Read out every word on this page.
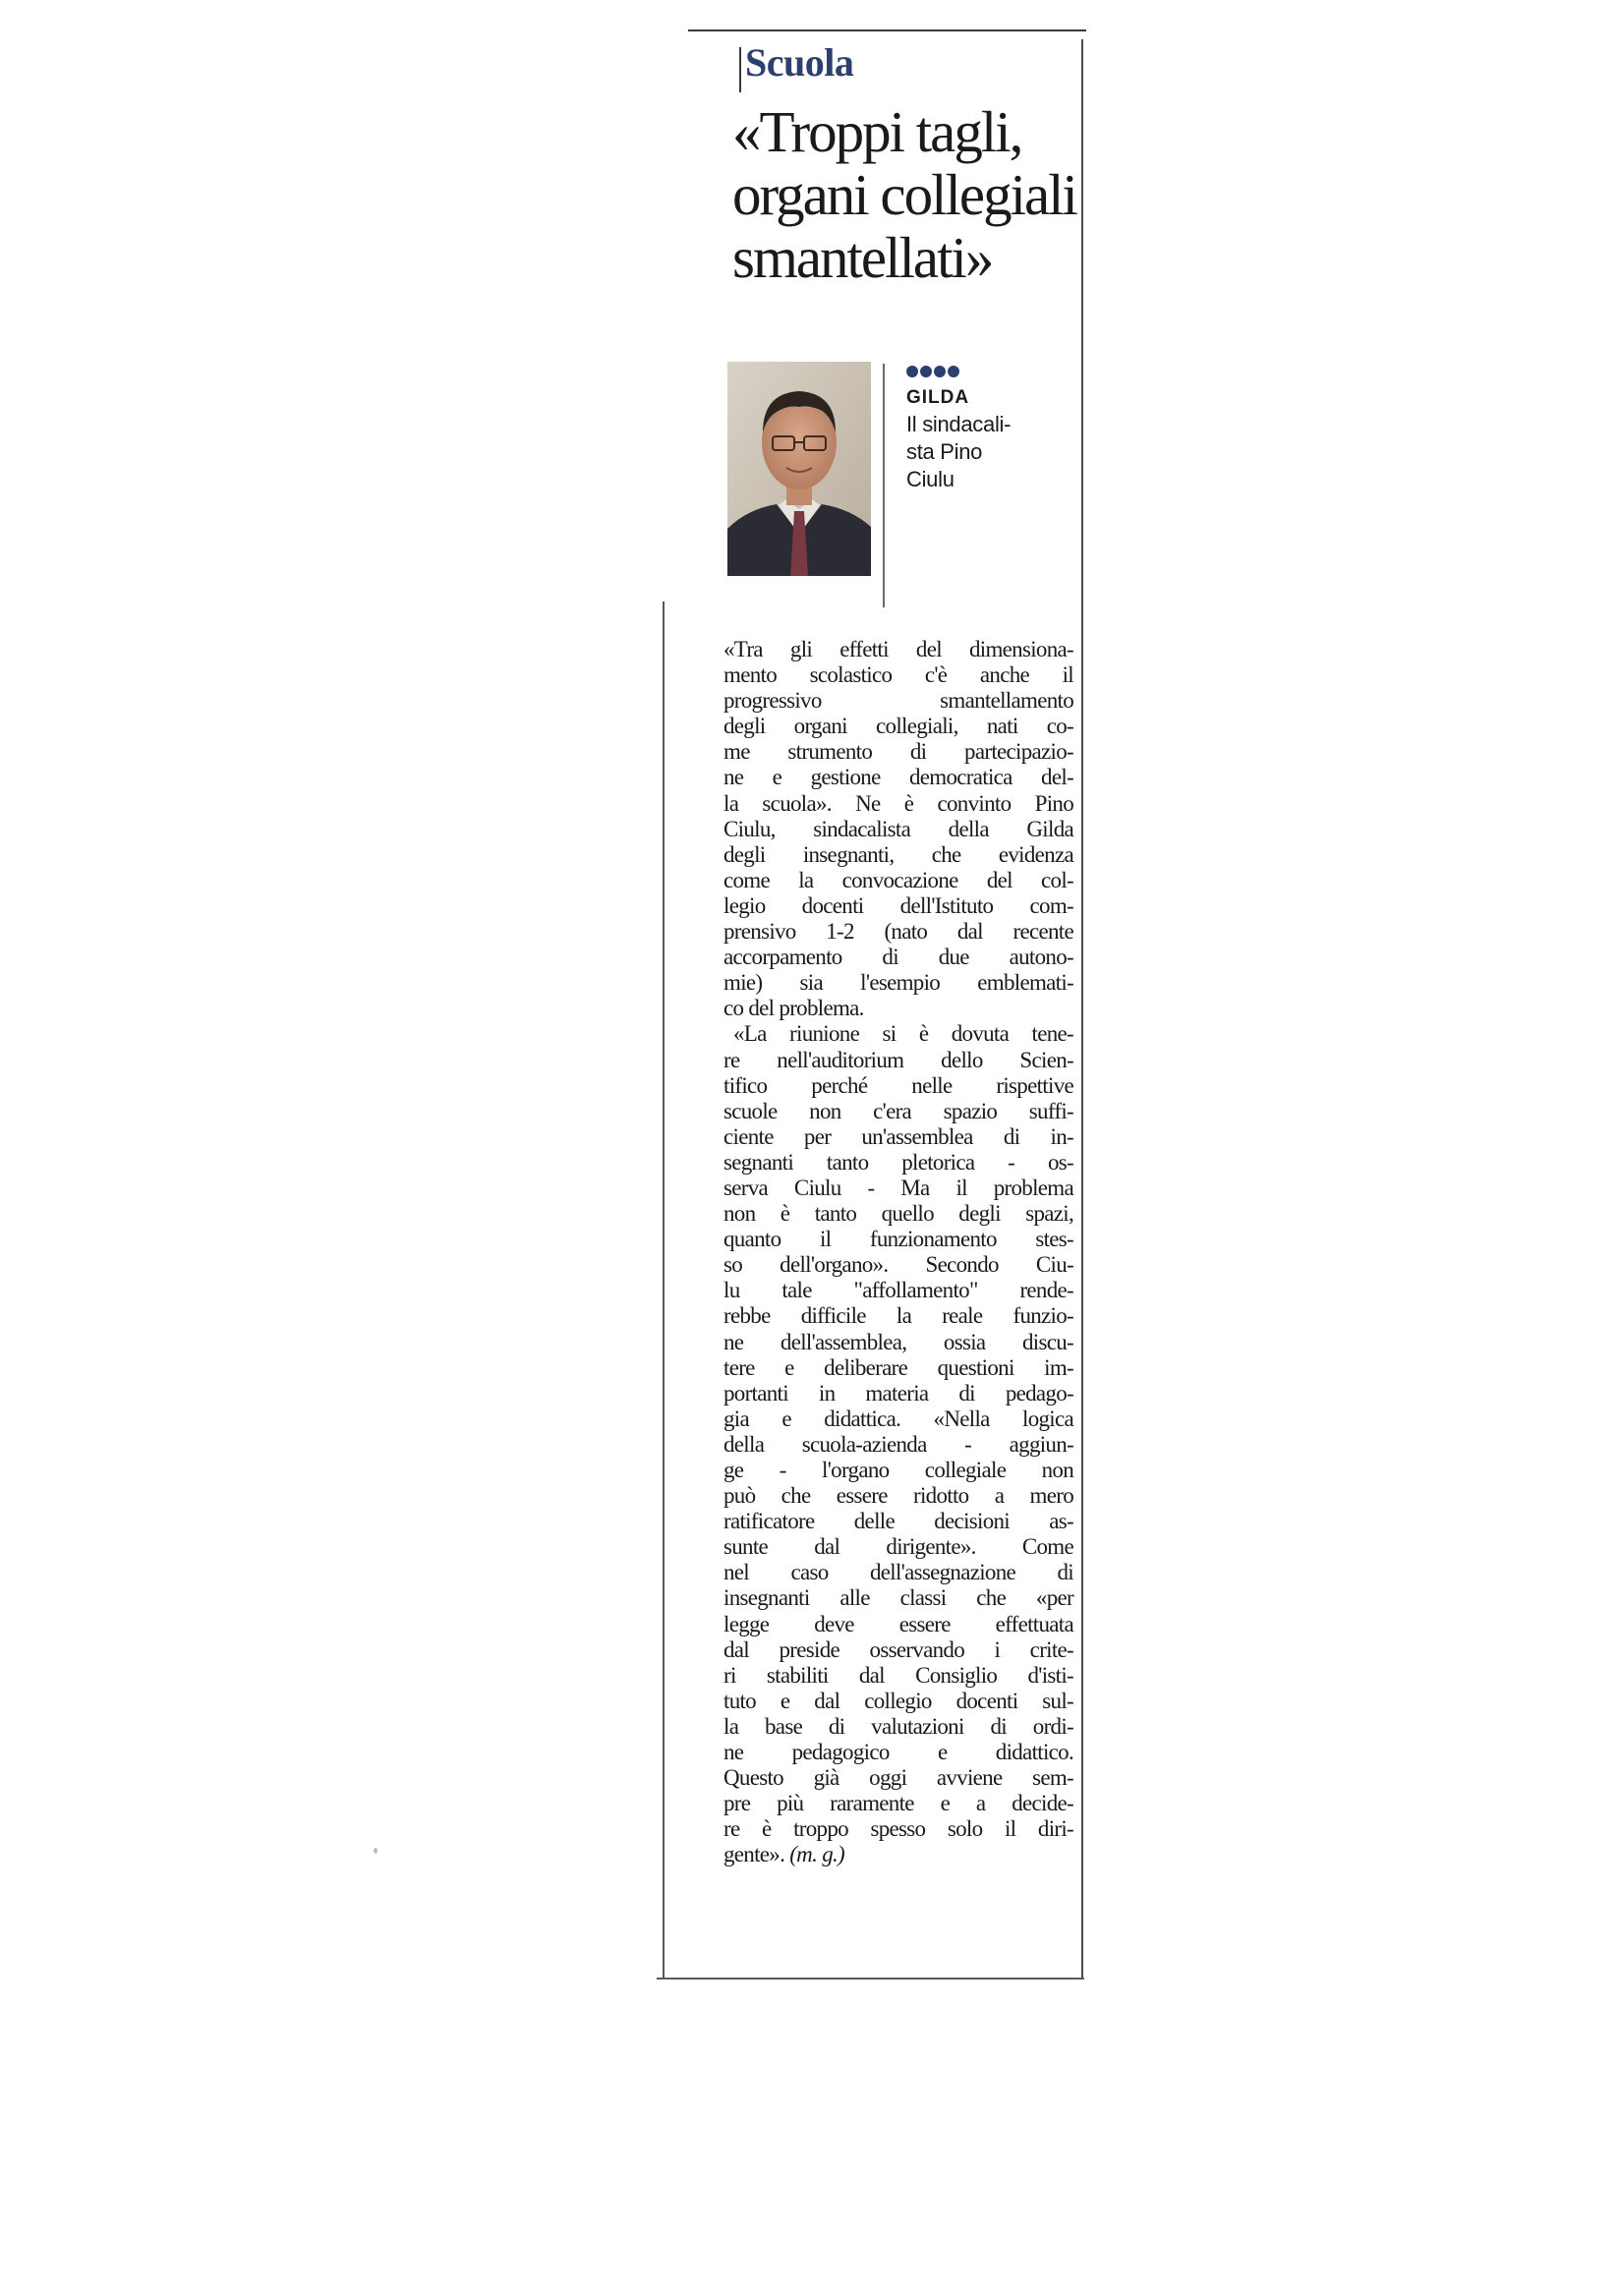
Scuola
«Troppi tagli,
organi collegiali
smantellati»
GILDA
Il sindacali-
sta Pino
Ciulu
«Tra gli effetti del dimensiona-
mento scolastico c'è anche il
progressivo smantellamento
degli organi collegiali, nati co-
me strumento di partecipazio-
ne e gestione democratica del-
la scuola». Ne è convinto Pino
Ciulu, sindacalista della Gilda
degli insegnanti, che evidenza
come la convocazione del col-
legio docenti dell'Istituto com-
prensivo 1-2 (nato dal recente
accorpamento di due autono-
mie) sia l'esempio emblemati-
co del problema.
«La riunione si è dovuta tene-
re nell'auditorium dello Scien-
tifico perché nelle rispettive
scuole non c'era spazio suffi-
ciente per un'assemblea di in-
segnanti tanto pletorica - os-
serva Ciulu - Ma il problema
non è tanto quello degli spazi,
quanto il funzionamento stes-
so dell'organo». Secondo Ciu-
lu tale "affollamento" rende-
rebbe difficile la reale funzio-
ne dell'assemblea, ossia discu-
tere e deliberare questioni im-
portanti in materia di pedago-
gia e didattica. «Nella logica
della scuola-azienda - aggiun-
ge - l'organo collegiale non
può che essere ridotto a mero
ratificatore delle decisioni as-
sunte dal dirigente». Come
nel caso dell'assegnazione di
insegnanti alle classi che «per
legge deve essere effettuata
dal preside osservando i crite-
ri stabiliti dal Consiglio d'isti-
tuto e dal collegio docenti sul-
la base di valutazioni di ordi-
ne pedagogico e didattico.
Questo già oggi avviene sem-
pre più raramente e a decide-
re è troppo spesso solo il diri-
gente». (m. g.)
